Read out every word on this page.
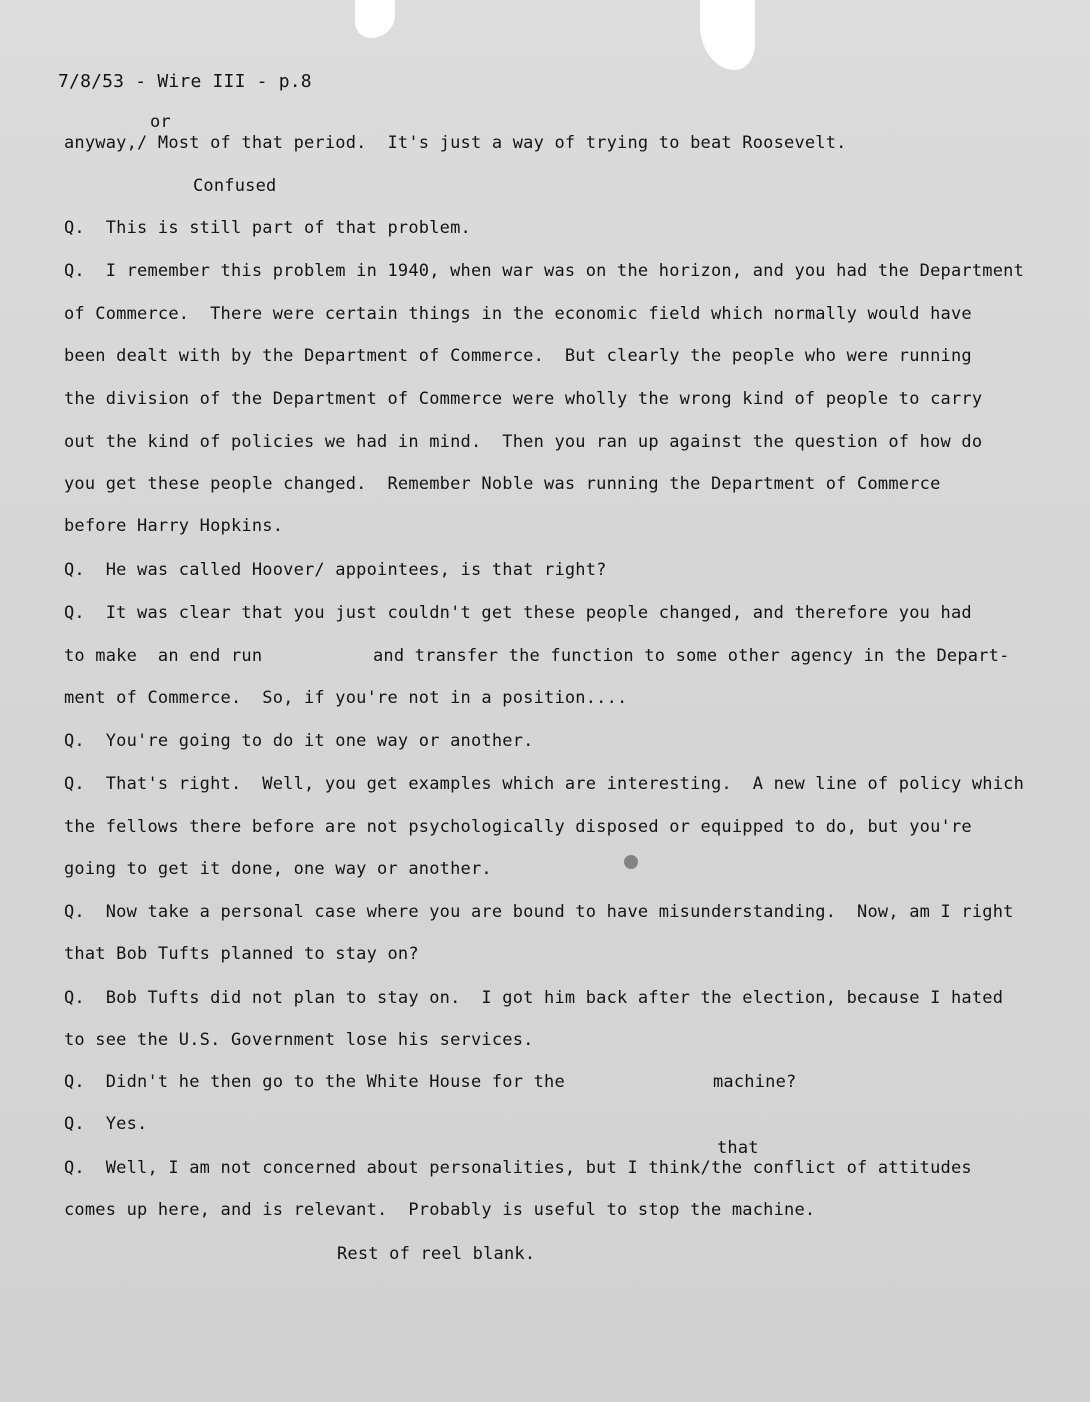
7/8/53 - Wire III - p.8
or
anyway,/ Most of that period.  It's just a way of trying to beat Roosevelt.
Confused
Q.  This is still part of that problem.
Q.  I remember this problem in 1940, when war was on the horizon, and you had the Department
of Commerce.  There were certain things in the economic field which normally would have
been dealt with by the Department of Commerce.  But clearly the people who were running
the division of the Department of Commerce were wholly the wrong kind of people to carry
out the kind of policies we had in mind.  Then you ran up against the question of how do
you get these people changed.  Remember Noble was running the Department of Commerce
before Harry Hopkins.
Q.  He was called Hoover/ appointees, is that right?
Q.  It was clear that you just couldn't get these people changed, and therefore you had
to make  an end run	and transfer the function to some other agency in the Depart-
ment of Commerce.  So, if you're not in a position....
Q.  You're going to do it one way or another.
Q.  That's right.  Well, you get examples which are interesting.  A new line of policy which
the fellows there before are not psychologically disposed or equipped to do, but you're
going to get it done, one way or another.
Q.  Now take a personal case where you are bound to have misunderstanding.  Now, am I right
that Bob Tufts planned to stay on?
Q.  Bob Tufts did not plan to stay on.  I got him back after the election, because I hated
to see the U.S. Government lose his services.
Q.  Didn't he then go to the White House for the	machine?
Q.  Yes.
that
Q.  Well, I am not concerned about personalities, but I think/the conflict of attitudes
comes up here, and is relevant.  Probably is useful to stop the machine.
Rest of reel blank.
